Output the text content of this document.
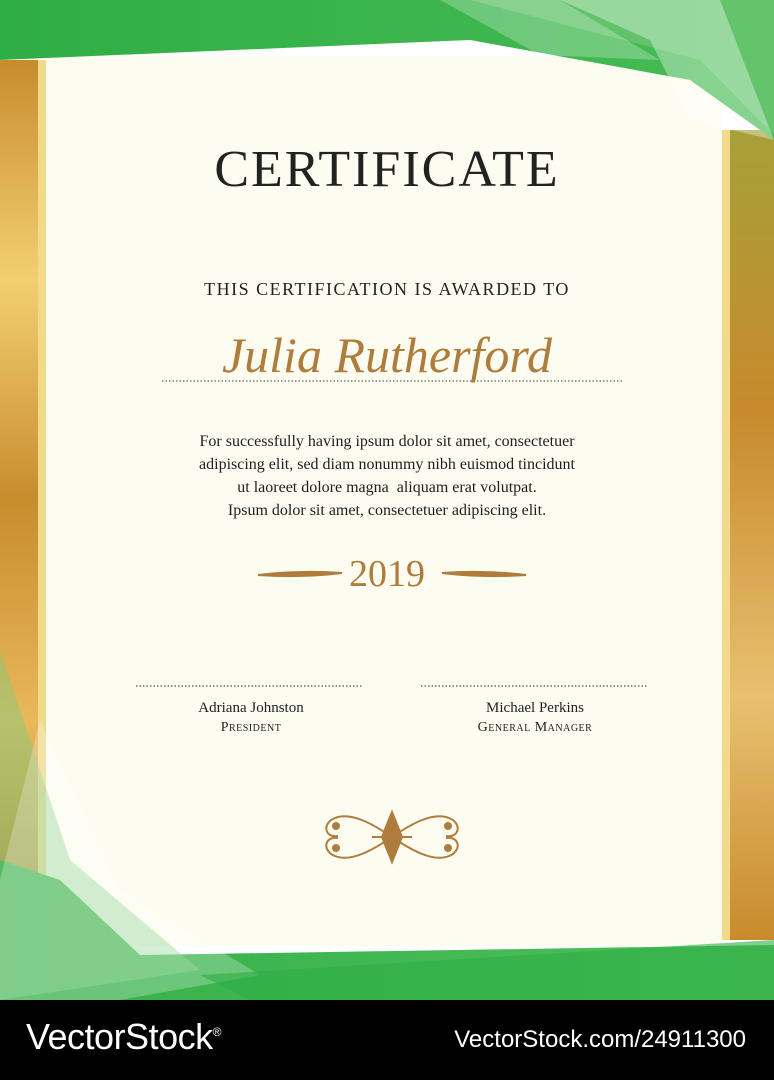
CERTIFICATE
THIS CERTIFICATION IS AWARDED TO
Julia Rutherford
For successfully having ipsum dolor sit amet, consectetuer
adipiscing elit, sed diam nonummy nibh euismod tincidunt
ut laoreet dolore magna  aliquam erat volutpat.
Ipsum dolor sit amet, consectetuer adipiscing elit.
2019
Adriana Johnston
President
Michael Perkins
General Manager
VectorStock®	VectorStock.com/24911300
